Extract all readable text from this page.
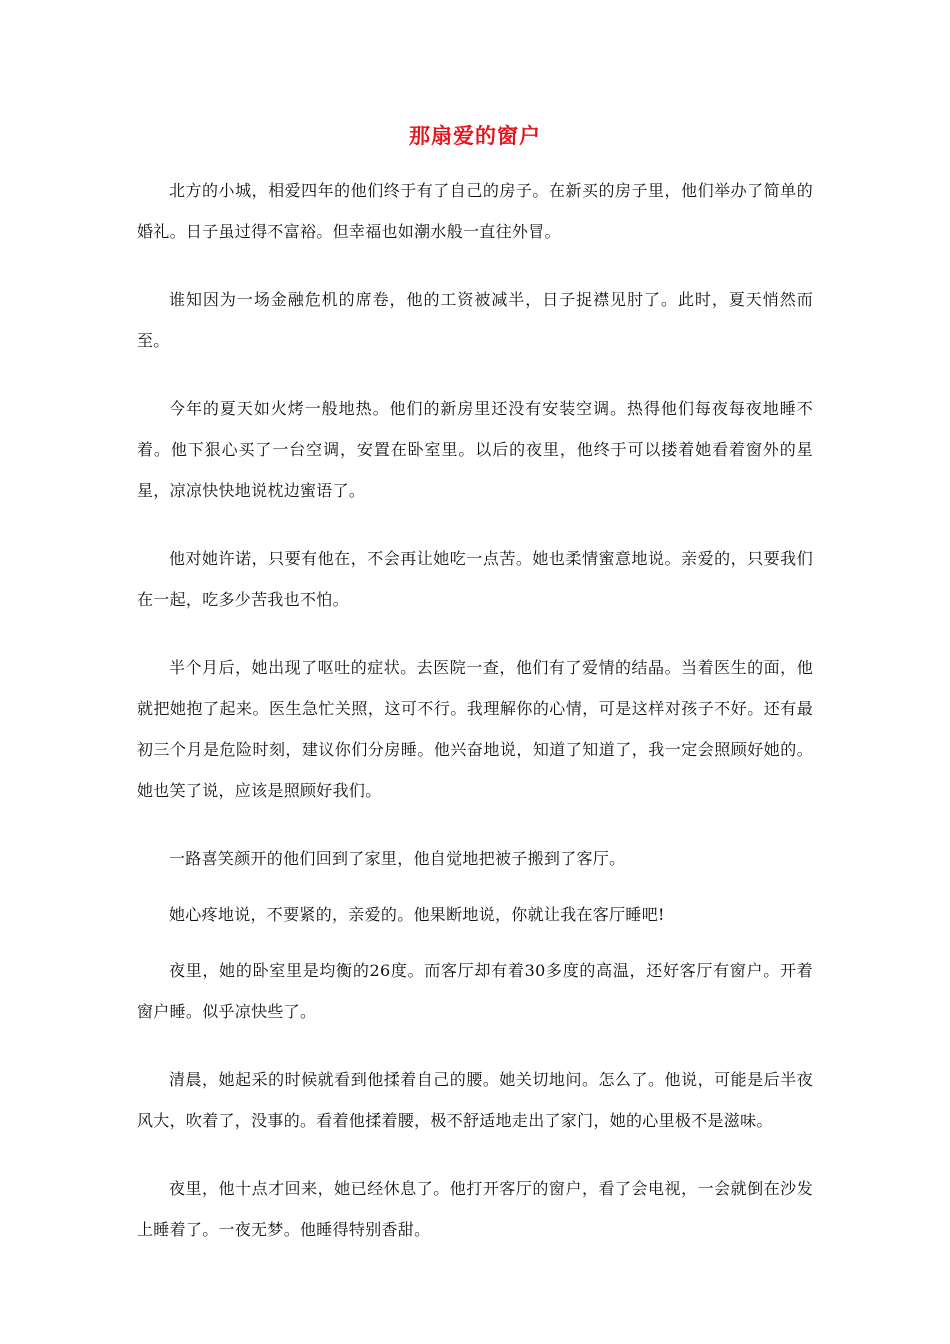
那扇爱的窗户

北方的小城，相爱四年的他们终于有了自己的房子。在新买的房子里，他们举办了简单的婚礼。日子虽过得不富裕。但幸福也如潮水般一直往外冒。

谁知因为一场金融危机的席卷，他的工资被减半，日子捉襟见肘了。此时，夏天悄然而至。

今年的夏天如火烤一般地热。他们的新房里还没有安装空调。热得他们每夜每夜地睡不着。他下狠心买了一台空调，安置在卧室里。以后的夜里，他终于可以搂着她看着窗外的星星，凉凉快快地说枕边蜜语了。

他对她许诺，只要有他在，不会再让她吃一点苦。她也柔情蜜意地说。亲爱的，只要我们在一起，吃多少苦我也不怕。

半个月后，她出现了呕吐的症状。去医院一查，他们有了爱情的结晶。当着医生的面，他就把她抱了起来。医生急忙关照，这可不行。我理解你的心情，可是这样对孩子不好。还有最初三个月是危险时刻，建议你们分房睡。他兴奋地说，知道了知道了，我一定会照顾好她的。她也笑了说，应该是照顾好我们。

一路喜笑颜开的他们回到了家里，他自觉地把被子搬到了客厅。

她心疼地说，不要紧的，亲爱的。他果断地说，你就让我在客厅睡吧!

夜里，她的卧室里是均衡的26度。而客厅却有着30多度的高温，还好客厅有窗户。开着窗户睡。似乎凉快些了。

清晨，她起采的时候就看到他揉着自己的腰。她关切地问。怎么了。他说，可能是后半夜风大，吹着了，没事的。看着他揉着腰，极不舒适地走出了家门，她的心里极不是滋味。

夜里，他十点才回来，她已经休息了。他打开客厅的窗户，看了会电视，一会就倒在沙发上睡着了。一夜无梦。他睡得特别香甜。
